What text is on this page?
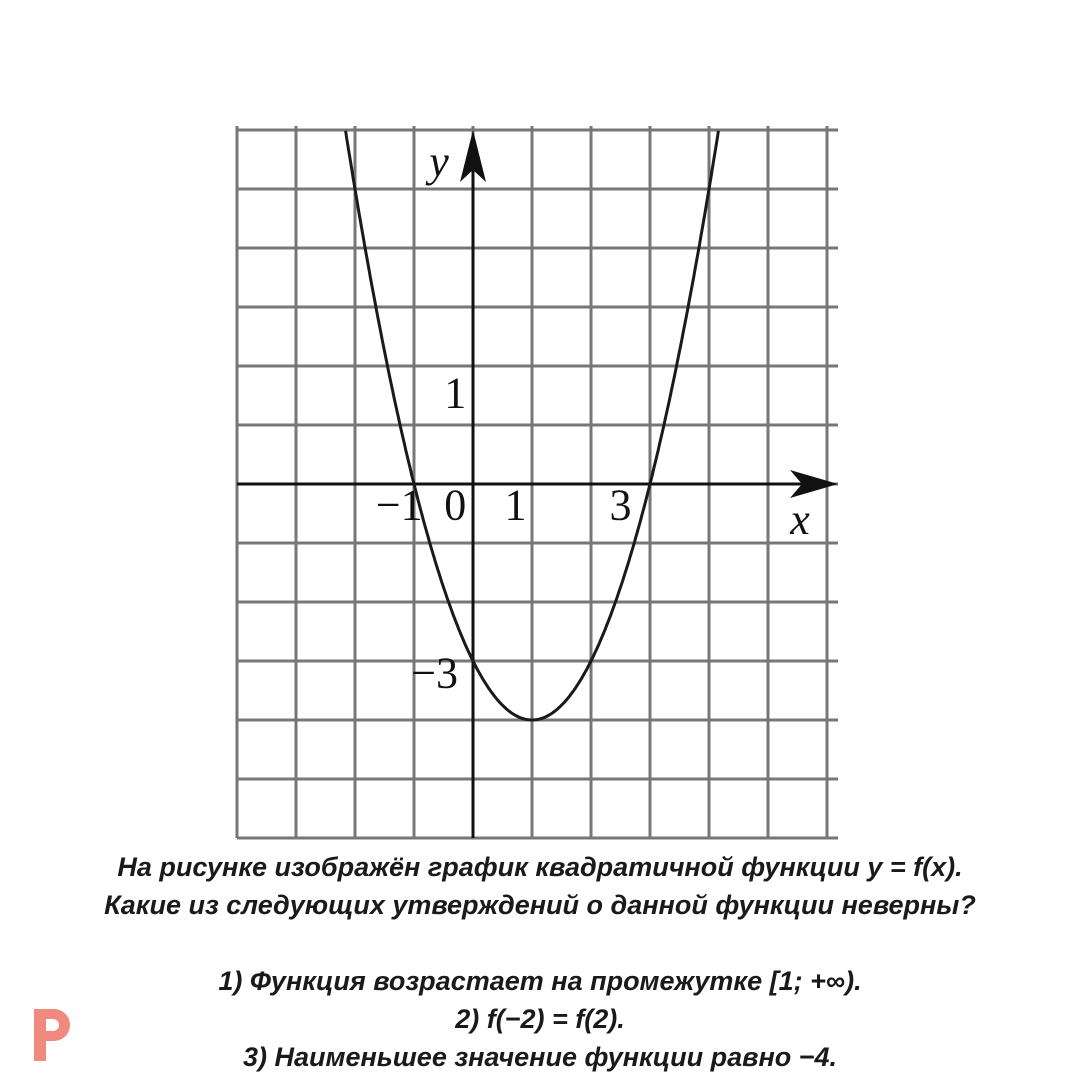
x
y
1
−1 0 1 3
−3
На рисунке изображён график квадратичной функции y = f(x).
Какие из следующих утверждений о данной функции неверны?
1) Функция возрастает на промежутке [1; +∞).
2) f(−2) = f(2).
3) Наименьшее значение функции равно −4.
